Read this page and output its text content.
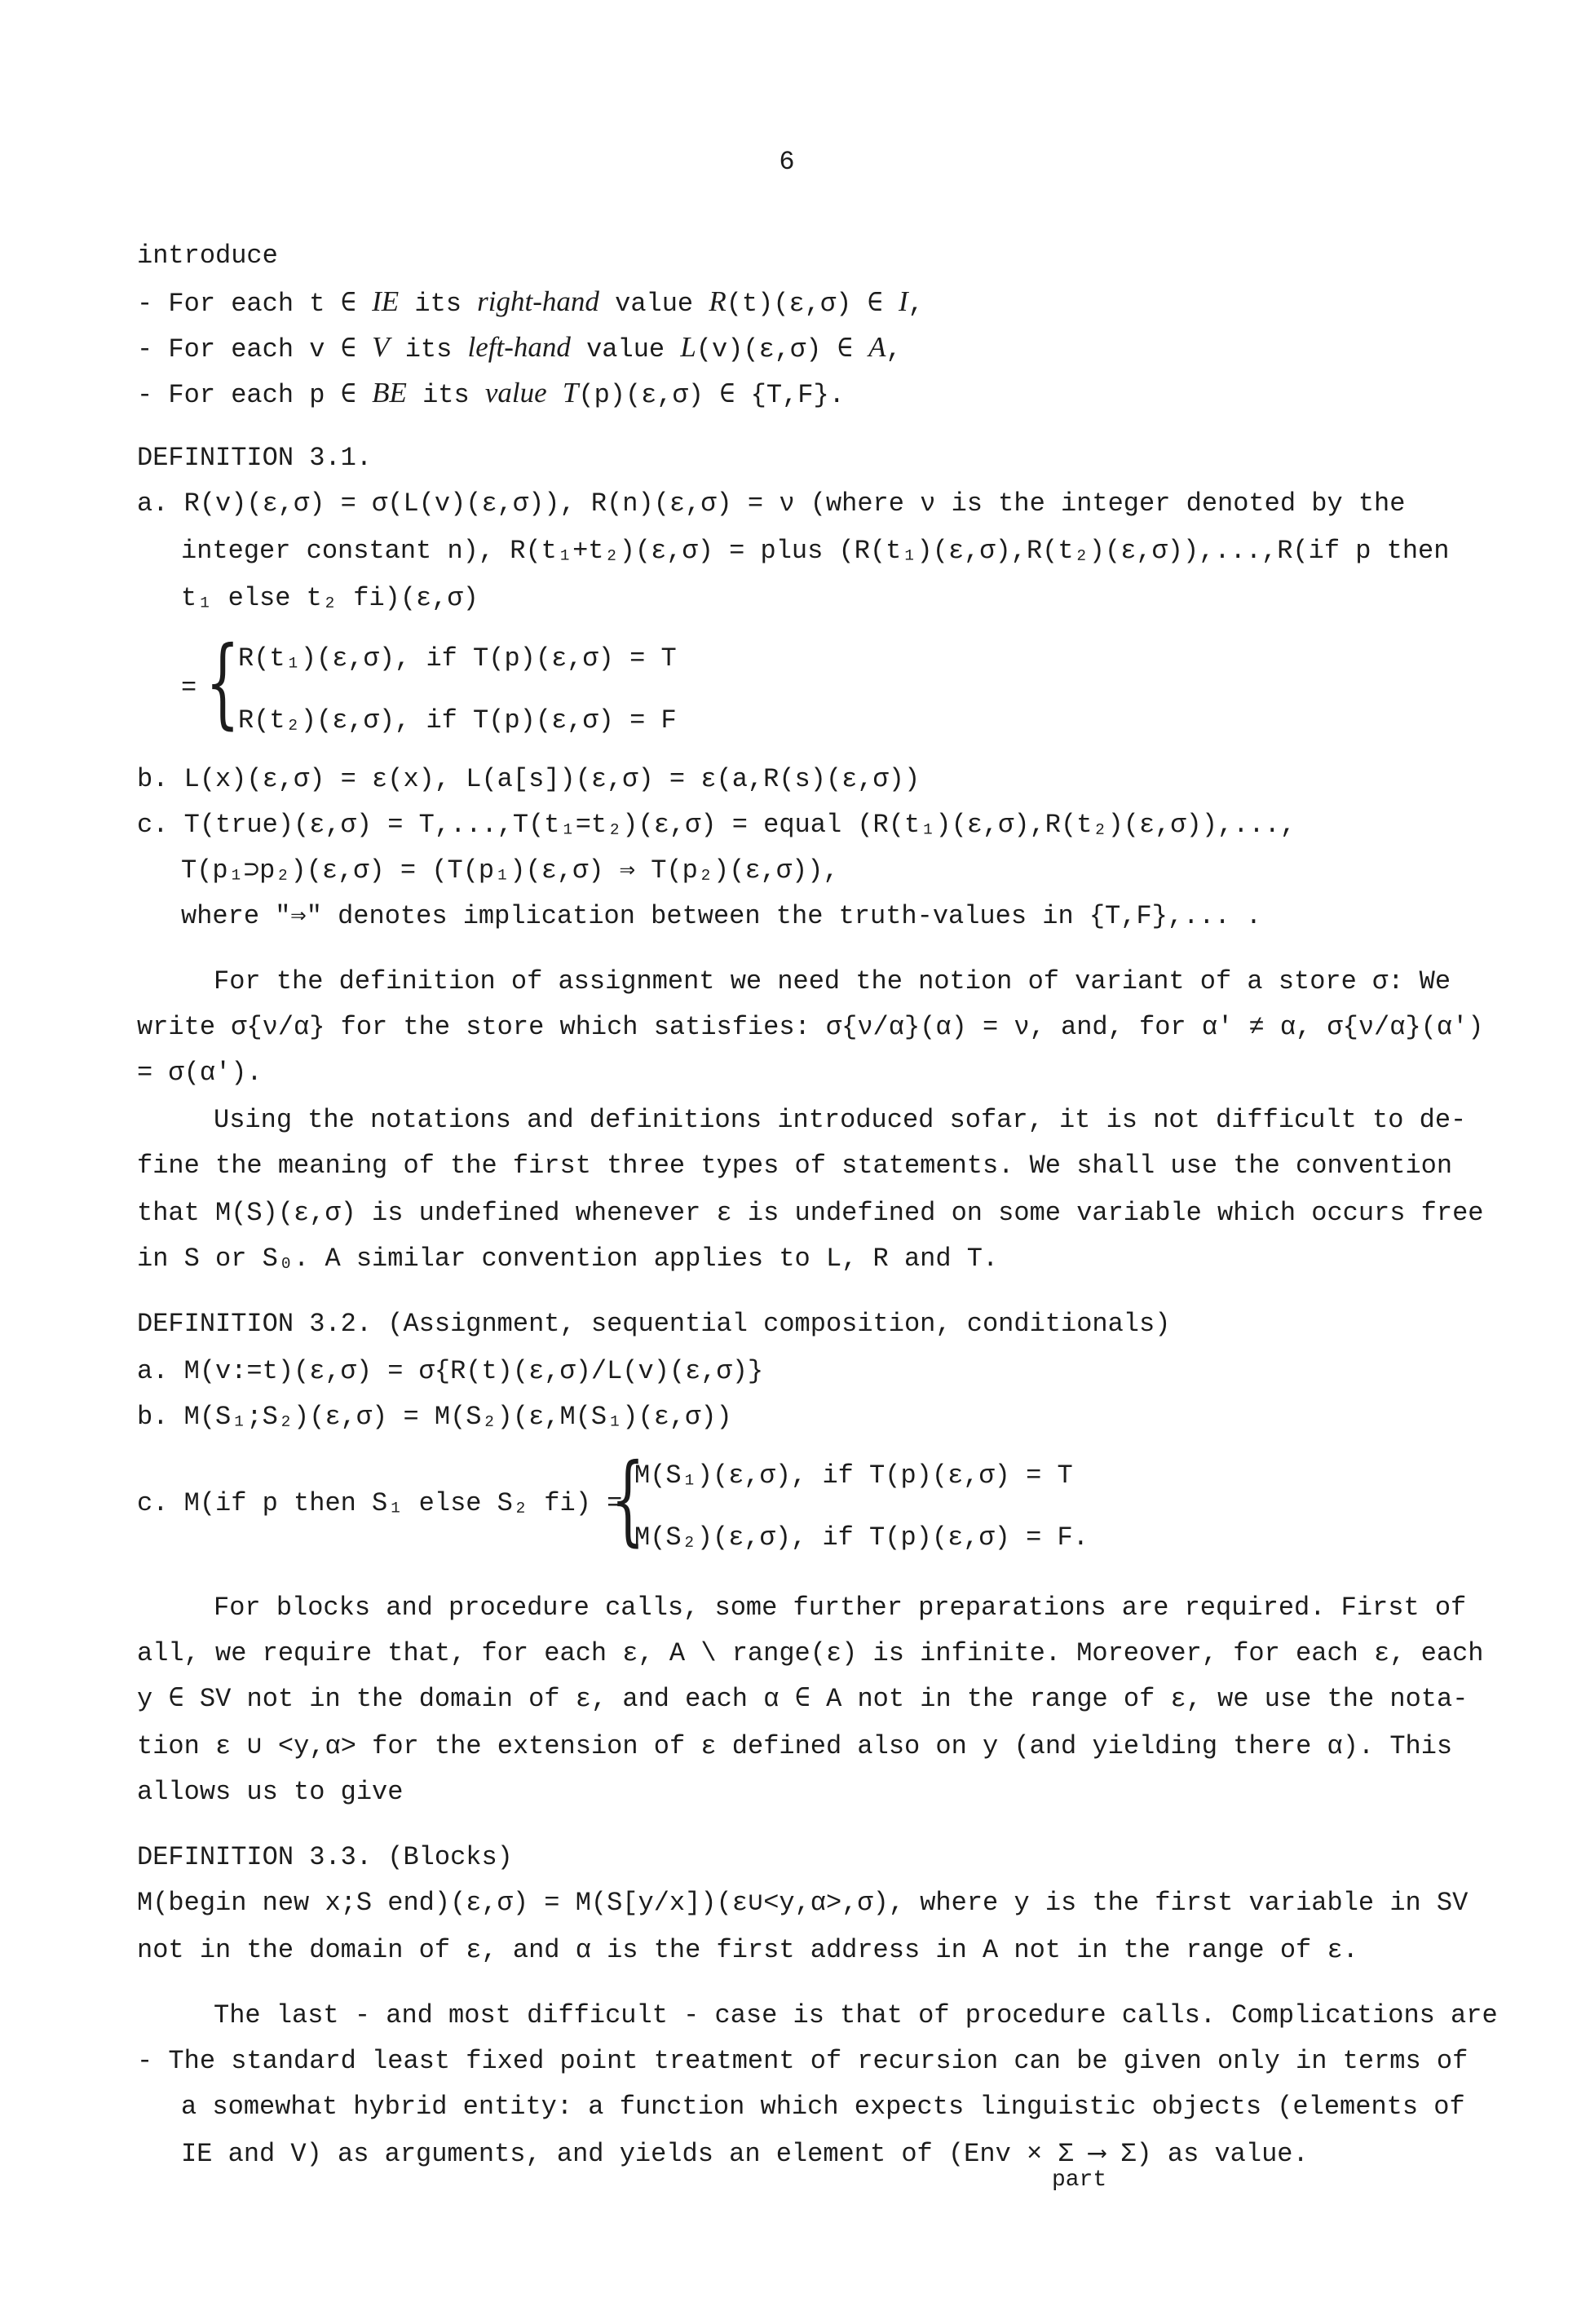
6
introduce
- For each t ∈ IE its right-hand value R(t)(ε,σ) ∈ I,
- For each v ∈ V its left-hand value L(v)(ε,σ) ∈ A,
- For each p ∈ BE its value T(p)(ε,σ) ∈ {T,F}.
DEFINITION 3.1.
a. R(v)(ε,σ) = σ(L(v)(ε,σ)), R(n)(ε,σ) = ν (where ν is the integer denoted by the
integer constant n), R(t₁+t₂)(ε,σ) = plus (R(t₁)(ε,σ),R(t₂)(ε,σ)),...,R(if p then
t₁ else t₂ fi)(ε,σ)
= {
R(t₁)(ε,σ), if T(p)(ε,σ) = T
R(t₂)(ε,σ), if T(p)(ε,σ) = F
b. L(x)(ε,σ) = ε(x), L(a[s])(ε,σ) = ε(a,R(s)(ε,σ))
c. T(true)(ε,σ) = T,...,T(t₁=t₂)(ε,σ) = equal (R(t₁)(ε,σ),R(t₂)(ε,σ)),...,
T(p₁⊃p₂)(ε,σ) = (T(p₁)(ε,σ) ⇒ T(p₂)(ε,σ)),
where "⇒" denotes implication between the truth-values in {T,F},... .
For the definition of assignment we need the notion of variant of a store σ: We
write σ{ν/α} for the store which satisfies: σ{ν/α}(α) = ν, and, for α' ≠ α, σ{ν/α}(α')
= σ(α').
Using the notations and definitions introduced sofar, it is not difficult to de-
fine the meaning of the first three types of statements. We shall use the convention
that M(S)(ε,σ) is undefined whenever ε is undefined on some variable which occurs free
in S or S₀. A similar convention applies to L, R and T.
DEFINITION 3.2. (Assignment, sequential composition, conditionals)
a. M(v:=t)(ε,σ) = σ{R(t)(ε,σ)/L(v)(ε,σ)}
b. M(S₁;S₂)(ε,σ) = M(S₂)(ε,M(S₁)(ε,σ))
c. M(if p then S₁ else S₂ fi) =
{
M(S₁)(ε,σ), if T(p)(ε,σ) = T
M(S₂)(ε,σ), if T(p)(ε,σ) = F.
For blocks and procedure calls, some further preparations are required. First of
all, we require that, for each ε, A \ range(ε) is infinite. Moreover, for each ε, each
y ∈ SV not in the domain of ε, and each α ∈ A not in the range of ε, we use the nota-
tion ε ∪ <y,α> for the extension of ε defined also on y (and yielding there α). This
allows us to give
DEFINITION 3.3. (Blocks)
M(begin new x;S end)(ε,σ) = M(S[y/x])(ε∪<y,α>,σ), where y is the first variable in SV
not in the domain of ε, and α is the first address in A not in the range of ε.
The last - and most difficult - case is that of procedure calls. Complications are
- The standard least fixed point treatment of recursion can be given only in terms of
a somewhat hybrid entity: a function which expects linguistic objects (elements of
IE and V) as arguments, and yields an element of (Env × Σ ⟶ Σ) as value.
part
